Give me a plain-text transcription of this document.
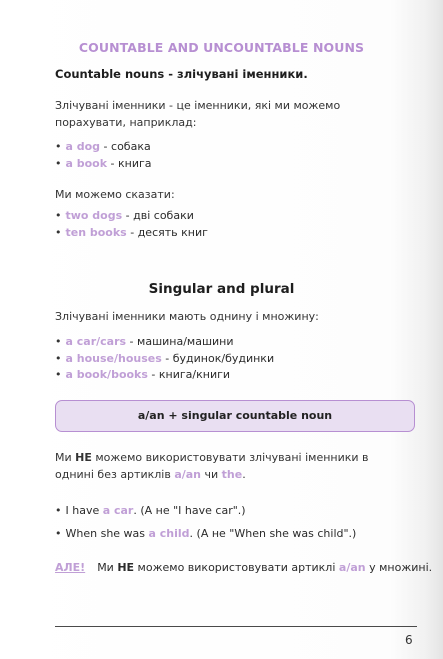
COUNTABLE AND UNCOUNTABLE NOUNS
Countable nouns - злічувані іменники.
Злічувані іменники - це іменники, які ми можемо порахувати, наприклад:
• a dog - собака
• a book - книга
Ми можемо сказати:
• two dogs - дві собаки
• ten books - десять книг
Singular and plural
Злічувані іменники мають однину і множину:
• a car/cars - машина/машини
• a house/houses - будинок/будинки
• a book/books - книга/книги
a/an + singular countable noun
Ми НЕ можемо використовувати злічувані іменники в однині без артиклів a/an чи the.
• I have a car. (А не "I have car".)
• When she was a child. (А не "When she was child".)
АЛЕ! Ми НЕ можемо використовувати артиклі a/an у множині.
6
